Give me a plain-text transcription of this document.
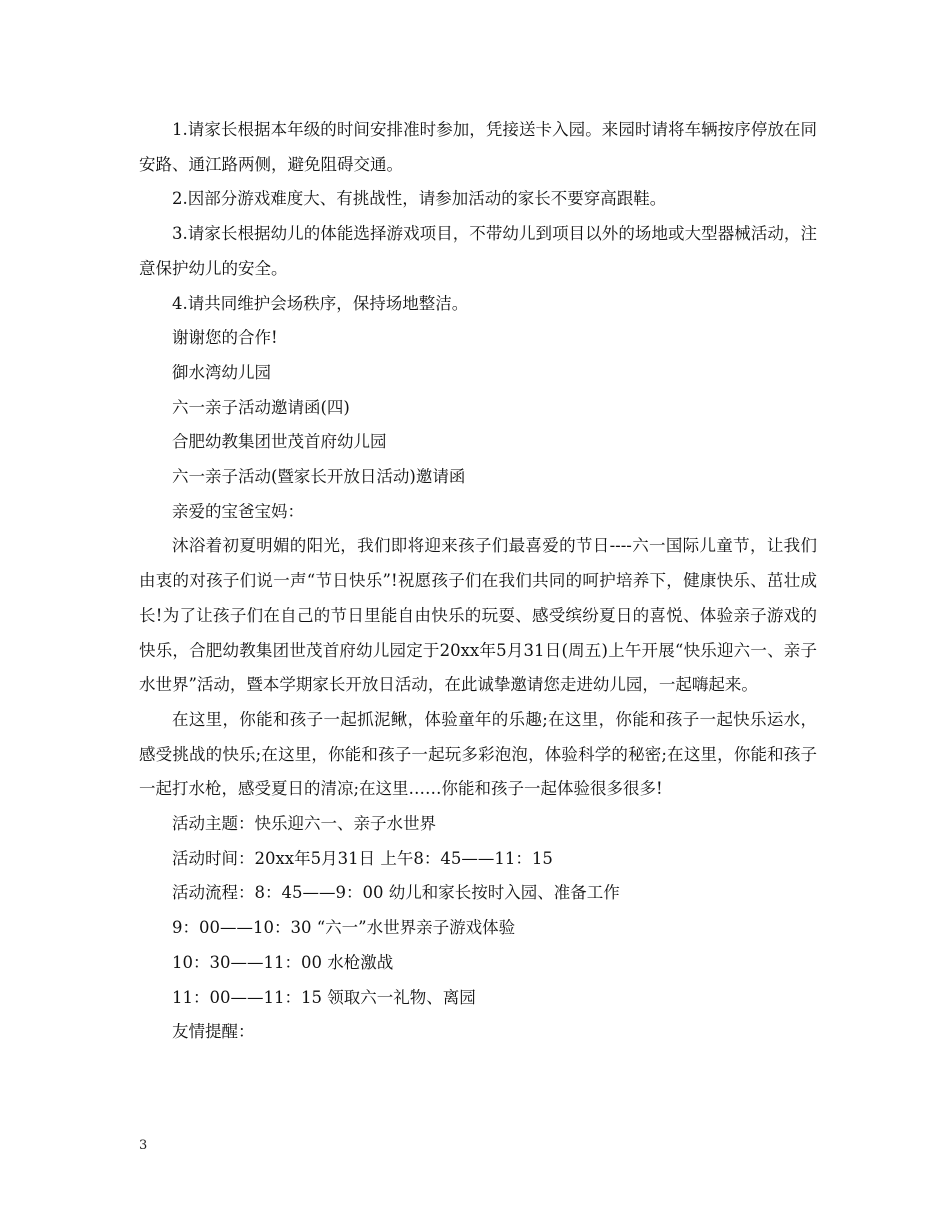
1.请家长根据本年级的时间安排准时参加，凭接送卡入园。来园时请将车辆按序停放在同安路、通江路两侧，避免阻碍交通。

2.因部分游戏难度大、有挑战性，请参加活动的家长不要穿高跟鞋。

3.请家长根据幼儿的体能选择游戏项目，不带幼儿到项目以外的场地或大型器械活动，注意保护幼儿的安全。

4.请共同维护会场秩序，保持场地整洁。

谢谢您的合作!

御水湾幼儿园

六一亲子活动邀请函(四)

合肥幼教集团世茂首府幼儿园

六一亲子活动(暨家长开放日活动)邀请函

亲爱的宝爸宝妈：

沐浴着初夏明媚的阳光，我们即将迎来孩子们最喜爱的节日----六一国际儿童节，让我们由衷的对孩子们说一声“节日快乐”!祝愿孩子们在我们共同的呵护培养下，健康快乐、茁壮成长!为了让孩子们在自己的节日里能自由快乐的玩耍、感受缤纷夏日的喜悦、体验亲子游戏的快乐，合肥幼教集团世茂首府幼儿园定于20xx年5月31日(周五)上午开展“快乐迎六一、亲子水世界”活动，暨本学期家长开放日活动，在此诚挚邀请您走进幼儿园，一起嗨起来。

在这里，你能和孩子一起抓泥鳅，体验童年的乐趣;在这里，你能和孩子一起快乐运水，感受挑战的快乐;在这里，你能和孩子一起玩多彩泡泡，体验科学的秘密;在这里，你能和孩子一起打水枪，感受夏日的清凉;在这里……你能和孩子一起体验很多很多!

活动主题：快乐迎六一、亲子水世界

活动时间：20xx年5月31日 上午8：45——11：15

活动流程：8：45——9：00 幼儿和家长按时入园、准备工作

9：00——10：30 “六一”水世界亲子游戏体验

10：30——11：00 水枪激战

11：00——11：15 领取六一礼物、离园

友情提醒：

3
